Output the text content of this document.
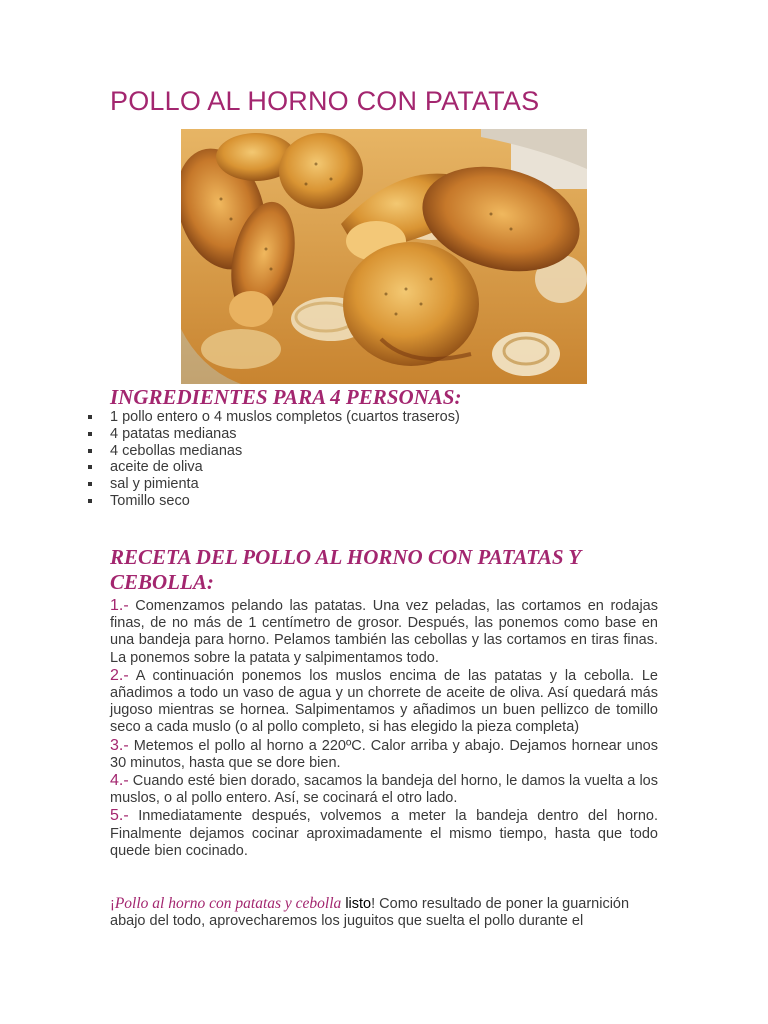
POLLO AL HORNO CON PATATAS
INGREDIENTES PARA 4 PERSONAS:
1 pollo entero o 4 muslos completos (cuartos traseros)
4 patatas medianas
4 cebollas medianas
aceite de oliva
sal y pimienta
Tomillo seco
RECETA DEL POLLO AL HORNO CON PATATAS Y CEBOLLA:

1.- Comenzamos pelando las patatas. Una vez peladas, las cortamos en rodajas finas, de no más de 1 centímetro de grosor. Después, las ponemos como base en una bandeja para horno. Pelamos también las cebollas y las cortamos en tiras finas. La ponemos sobre la patata y salpimentamos todo.

2.- A continuación ponemos los muslos encima de las patatas y la cebolla. Le añadimos a todo un vaso de agua y un chorrete de aceite de oliva. Así quedará más jugoso mientras se hornea. Salpimentamos y añadimos un buen pellizco de tomillo seco a cada muslo (o al pollo completo, si has elegido la pieza completa)

3.- Metemos el pollo al horno a 220ºC. Calor arriba y abajo. Dejamos hornear unos 30 minutos, hasta que se dore bien.

4.- Cuando esté bien dorado, sacamos la bandeja del horno, le damos la vuelta a los muslos, o al pollo entero. Así, se cocinará el otro lado.

5.- Inmediatamente después, volvemos a meter la bandeja dentro del horno. Finalmente dejamos cocinar aproximadamente el mismo tiempo, hasta que todo quede bien cocinado.

¡Pollo al horno con patatas y cebolla listo! Como resultado de poner la guarnición abajo del todo, aprovecharemos los juguitos que suelta el pollo durante el
